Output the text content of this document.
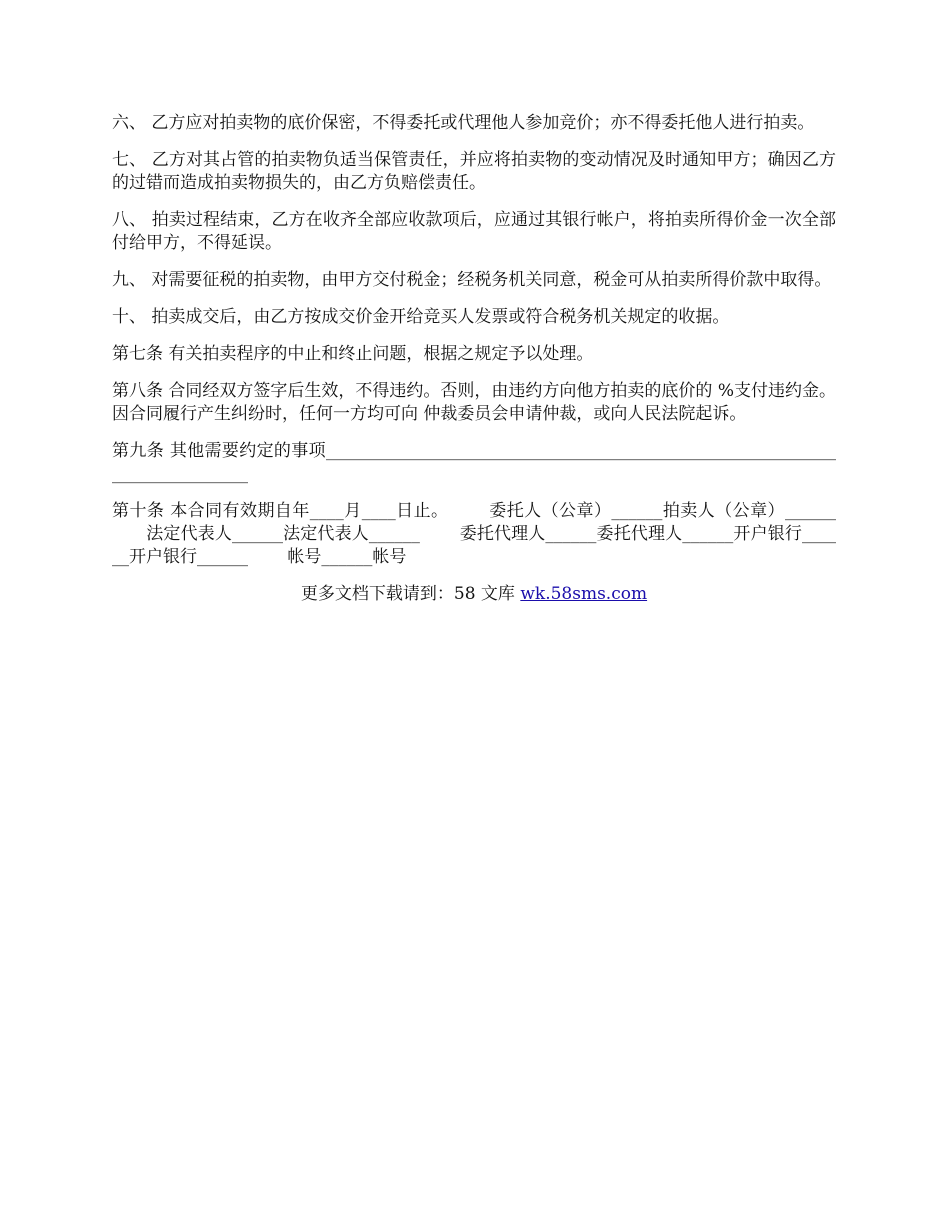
六、 乙方应对拍卖物的底价保密，不得委托或代理他人参加竞价；亦不得委托他人进行拍卖。

七、 乙方对其占管的拍卖物负适当保管责任，并应将拍卖物的变动情况及时通知甲方；确因乙方的过错而造成拍卖物损失的，由乙方负赔偿责任。

八、 拍卖过程结束，乙方在收齐全部应收款项后，应通过其银行帐户，将拍卖所得价金一次全部付给甲方，不得延误。

九、 对需要征税的拍卖物，由甲方交付税金；经税务机关同意，税金可从拍卖所得价款中取得。

十、 拍卖成交后，由乙方按成交价金开给竞买人发票或符合税务机关规定的收据。

第七条 有关拍卖程序的中止和终止问题，根据之规定予以处理。

第八条 合同经双方签字后生效，不得违约。否则，由违约方向他方拍卖的底价的 %支付违约金。因合同履行产生纠纷时，任何一方均可向 仲裁委员会申请仲裁，或向人民法院起诉。

第九条 其他需要约定的事项____________________________________________________________________________

第十条 本合同有效期自年____月____日止。 　　委托人（公章）______拍卖人（公章）______ 　　法定代表人______法定代表人______ 　　委托代理人______委托代理人______开户银行______开户银行______ 　　帐号______帐号

更多文档下载请到：58 文库 wk.58sms.com
